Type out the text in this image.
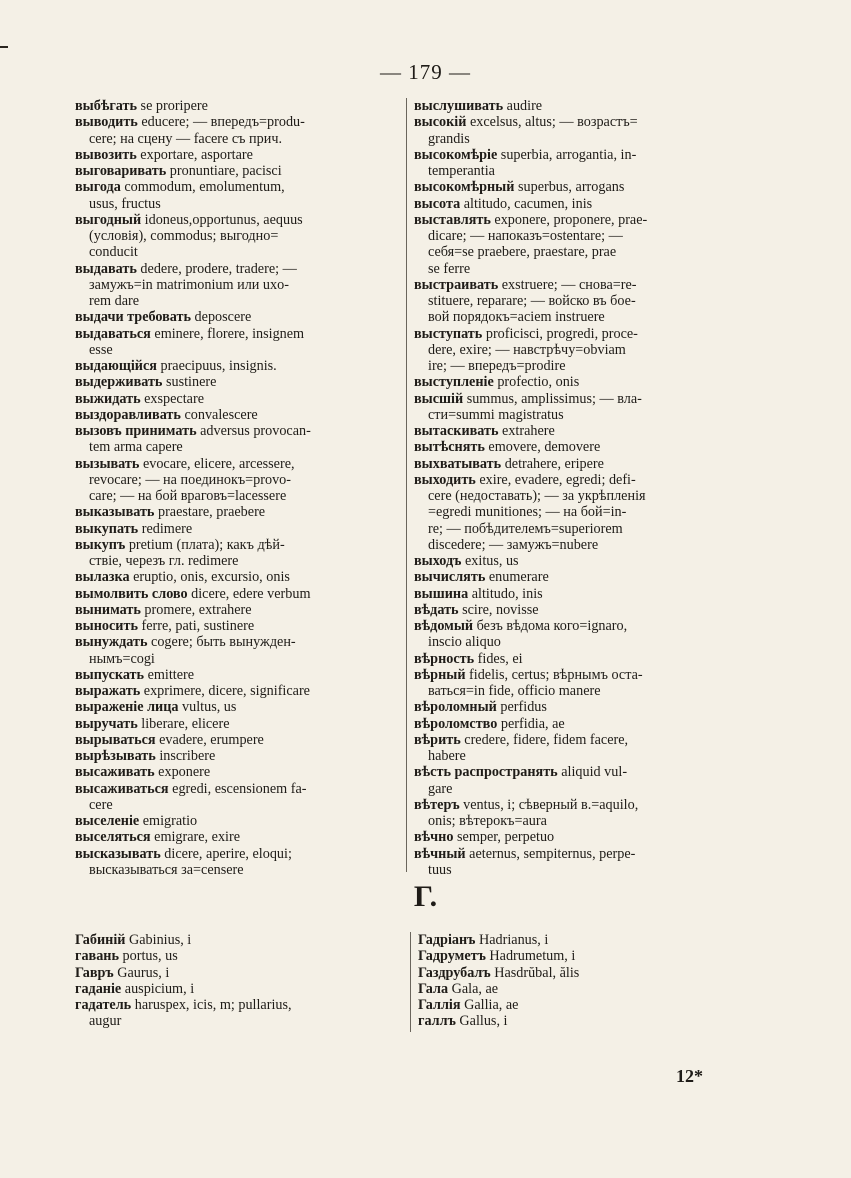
— 179 —
выбѣгать se proripere
выводить educere; — впередъ=produ-
cere; на сцену — facere съ прич.
вывозить exportare, asportare
выговаривать pronuntiare, paciscі
выгода commodum, emolumentum,
usus, fructus
выгодный idoneus,opportunus, aequus
(условія), commodus; выгодно=
conducit
выдавать dedere, prodere, tradere; —
замужъ=in matrimonium или uxo-
rem dare
выдачи требовать deposcere
выдаваться eminere, florere, insignem
esse
выдающійся praecipuus, insignis.
выдерживать sustinere
выжидать exspectare
выздоравливать convalescere
вызовъ принимать adversus provocan-
tem arma capere
вызывать evocare, elicere, arcessere,
revocare; — на поединокъ=provo-
care; — на бой враговъ=lacessere
выказывать praestare, praebere
выкупать redimere
выкупъ pretium (плата); какъ дѣй-
ствіе, черезъ гл. redimere
вылазка eruptio, onis, excursio, onis
вымолвить слово dicere, edere verbum
вынимать promere, extrahere
выносить ferre, pati, sustinere
вынуждать cogere; быть вынужден-
нымъ=cogi
выпускать emittere
выражать exprimere, dicere, significare
выраженіе лица vultus, us
выручать liberare, elicere
вырываться evadere, erumpere
вырѣзывать inscribere
высаживать exponere
высаживаться egredi, escensionem fa-
cere
выселеніе emigratio
выселяться emigrare, exire
высказывать dicere, aperire, eloqui;
высказываться за=censere
выслушивать audire
высокій excelsus, altus; — возрастъ=
grandis
высокомѣріе superbia, arrogantia, in-
temperantia
высокомѣрный superbus, arrogans
высота altitudo, cacumen, inis
выставлять exponere, proponere, prae-
dicare; — напоказъ=ostentare; —
себя=se praebere, praestare, prae
se ferre
выстраивать exstruere; — снова=re-
stituere, reparare; — войско въ бое-
вой порядокъ=aciem instruere
выступать proficisci, progredi, proce-
dere, exire; — навстрѣчу=obviam
ire; — впередъ=prodire
выступленіе profectio, onis
высшій summus, amplissimus; — вла-
сти=summi magistratus
вытаскивать extrahere
вытѣснять emovere, demovere
выхватывать detrahere, eripere
выходить exire, evadere, egredi; defi-
cere (недоставать); — за укрѣпленія
=egredi munitiones; — на бой=in-
re; — побѣдителемъ=superiorem
discedere; — замужъ=nubere
выходъ exitus, us
вычислять enumerare
вышина altitudo, inis
вѣдать scire, novisse
вѣдомый безъ вѣдома кого=ignaro,
inscio aliquo
вѣрность fides, ei
вѣрный fidelis, certus; вѣрнымъ оста-
ваться=in fide, officio manere
вѣроломный perfidus
вѣроломство perfidia, ae
вѣрить credere, fidere, fidem facere,
habere
вѣсть распространять aliquid vul-
gare
вѣтеръ ventus, i; сѣверный в.=aquilo,
onis; вѣтерокъ=aura
вѣчно semper, perpetuo
вѣчный aeternus, sempiternus, perpe-
tuus
Г.
Габиній Gabinius, i
гавань portus, us
Гавръ Gaurus, i
гаданіе auspicium, i
гадатель haruspex, icis, m; pullarius,
augur
Гадріанъ Hadrianus, i
Гадруметъ Hadrumetum, i
Газдрубалъ Hasdrŭbal, ălis
Гала Gala, ae
Галлія Gallia, ae
галлъ Gallus, i
12*
